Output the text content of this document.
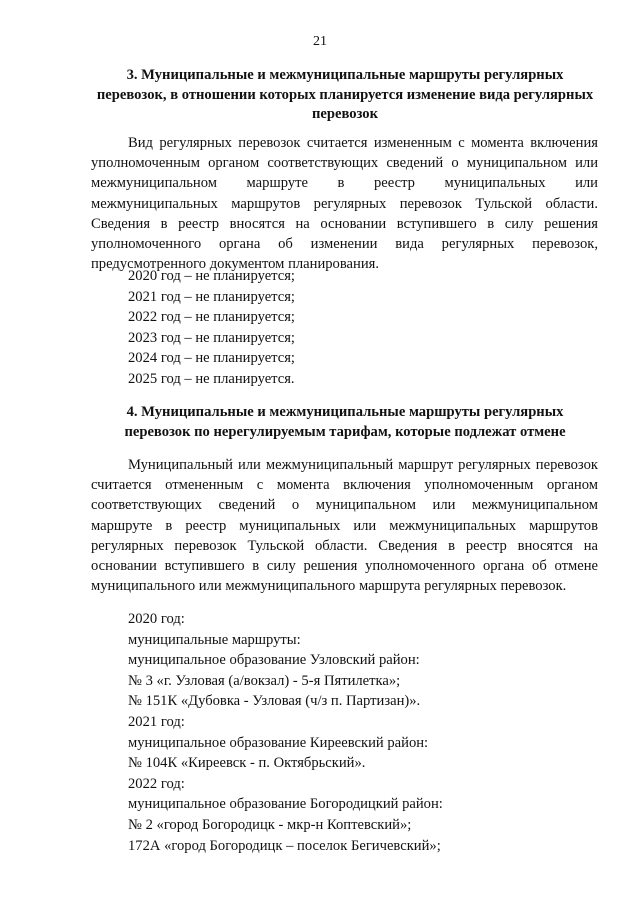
21
3. Муниципальные и межмуниципальные маршруты регулярных перевозок, в отношении которых планируется изменение вида регулярных перевозок

Вид регулярных перевозок считается измененным с момента включения уполномоченным органом соответствующих сведений о муниципальном или межмуниципальном маршруте в реестр муниципальных или межмуниципальных маршрутов регулярных перевозок Тульской области. Сведения в реестр вносятся на основании вступившего в силу решения уполномоченного органа об изменении вида регулярных перевозок, предусмотренного документом планирования.

2020 год – не планируется;
2021 год – не планируется;
2022 год – не планируется;
2023 год – не планируется;
2024 год – не планируется;
2025 год – не планируется.
4. Муниципальные и межмуниципальные маршруты регулярных перевозок по нерегулируемым тарифам, которые подлежат отмене

Муниципальный или межмуниципальный маршрут регулярных перевозок считается отмененным с момента включения уполномоченным органом соответствующих сведений о муниципальном или межмуниципальном маршруте в реестр муниципальных или межмуниципальных маршрутов регулярных перевозок Тульской области. Сведения в реестр вносятся на основании вступившего в силу решения уполномоченного органа об отмене муниципального или межмуниципального маршрута регулярных перевозок.

2020 год:
муниципальные маршруты:
муниципальное образование Узловский район:
№ 3 «г. Узловая (а/вокзал) - 5-я Пятилетка»;
№ 151К «Дубовка - Узловая (ч/з п. Партизан)».
2021 год:
муниципальное образование Киреевский район:
№ 104К «Киреевск - п. Октябрьский».
2022 год:
муниципальное образование Богородицкий район:
№ 2 «город Богородицк - мкр-н Коптевский»;
172А «город Богородицк – поселок Бегичевский»;
